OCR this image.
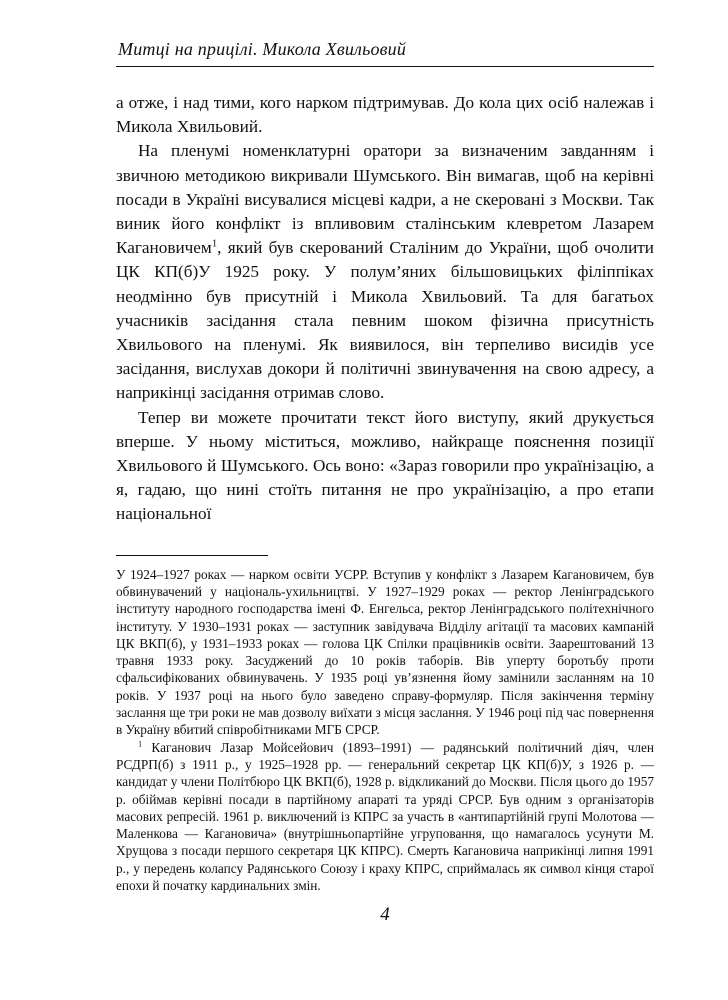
Митці на прицілі. Микола Хвильовий

а отже, і над тими, кого нарком підтримував. До кола цих осіб належав і Микола Хвильовий.

На пленумі номенклатурні оратори за визначеним завданням і звичною методикою викривали Шумського. Він вимагав, щоб на керівні посади в Україні висувалися місцеві кадри, а не скеровані з Москви. Так виник його конфлікт із впливовим сталінським клевретом Лазарем Кагановичем$^1$, який був скерований Сталіним до України, щоб очолити ЦК КП(б)У 1925 року. У полум’яних більшовицьких філіппіках неодмінно був присутній і Микола Хвильовий. Та для багатьох учасників засідання стала певним шоком фізична присутність Хвильового на пленумі. Як виявилося, він терпеливо висидів усе засідання, вислухав докори й політичні звинувачення на свою адресу, а наприкінці засідання отримав слово.

Тепер ви можете прочитати текст його виступу, який друкується вперше. У ньому міститься, можливо, найкраще пояснення позиції Хвильового й Шумського. Ось воно: «Зараз говорили про українізацію, а я, гадаю, що нині стоїть питання не про українізацію, а про етапи національної

У 1924–1927 роках — нарком освіти УСРР. Вступив у конфлікт з Лазарем Кагановичем, був обвинувачений у національ-ухильництві. У 1927–1929 роках — ректор Ленінградського інституту народного господарства імені Ф. Енгельса, ректор Ленінградського політехнічного інституту. У 1930–1931 роках — заступник завідувача Відділу агітації та масових кампаній ЦК ВКП(б), у 1931–1933 роках — голова ЦК Спілки працівників освіти. Заарештований 13 травня 1933 року. Засуджений до 10 років таборів. Вів уперту боротьбу проти сфальсифікованих обвинувачень. У 1935 році ув’язнення йому замінили засланням на 10 років. У 1937 році на нього було заведено справу-формуляр. Після закінчення терміну заслання ще три роки не мав дозволу виїхати з місця заслання. У 1946 році під час повернення в Україну вбитий співробітниками МГБ СРСР.

$^1$ Каганович Лазар Мойсейович (1893–1991) — радянський політичний діяч, член РСДРП(б) з 1911 р., у 1925–1928 рр. — генеральний секретар ЦК КП(б)У, з 1926 р. — кандидат у члени Політбюро ЦК ВКП(б), 1928 р. відкликаний до Москви. Після цього до 1957 р. обіймав керівні посади в партійному апараті та уряді СРСР. Був одним з організаторів масових репресій. 1961 р. виключений із КПРС за участь в «антипартійній групі Молотова — Маленкова — Кагановича» (внутрішньопартійне угруповання, що намагалось усунути М. Хрущова з посади першого секретаря ЦК КПРС). Смерть Кагановича наприкінці липня 1991 р., у передень колапсу Радянського Союзу і краху КПРС, сприймалась як символ кінця старої епохи й початку кардинальних змін.

4
